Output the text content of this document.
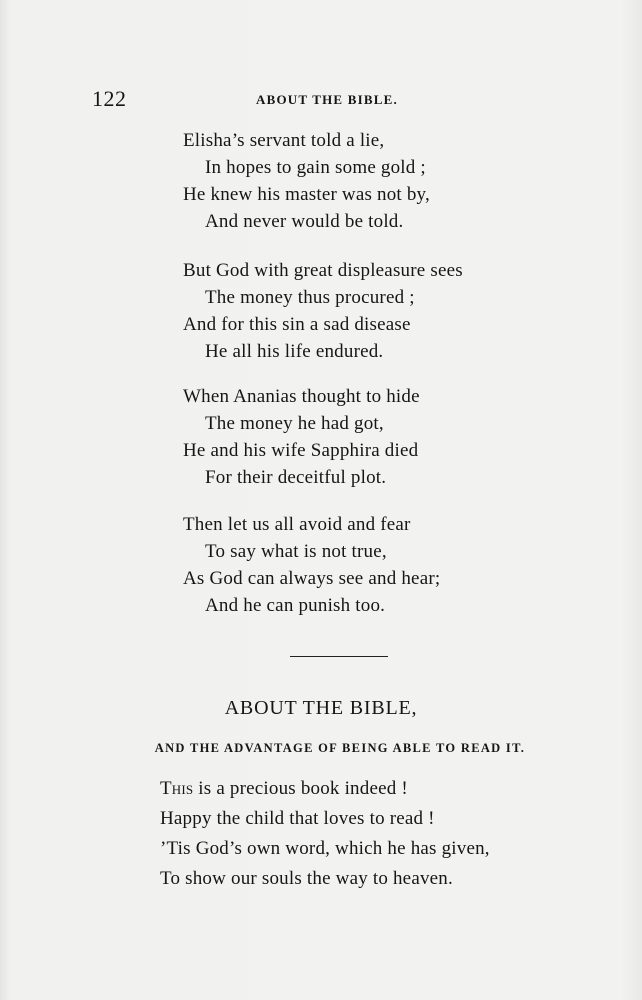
122	ABOUT THE BIBLE.
Elisha’s servant told a lie,
In hopes to gain some gold ;
He knew his master was not by,
And never would be told.
But God with great displeasure sees
The money thus procured ;
And for this sin a sad disease
He all his life endured.
When Ananias thought to hide
The money he had got,
He and his wife Sapphira died
For their deceitful plot.
Then let us all avoid and fear
To say what is not true,
As God can always see and hear;
And he can punish too.
ABOUT THE BIBLE,
AND THE ADVANTAGE OF BEING ABLE TO READ IT.
This is a precious book indeed !
Happy the child that loves to read !
’Tis God’s own word, which he has given,
To show our souls the way to heaven.
